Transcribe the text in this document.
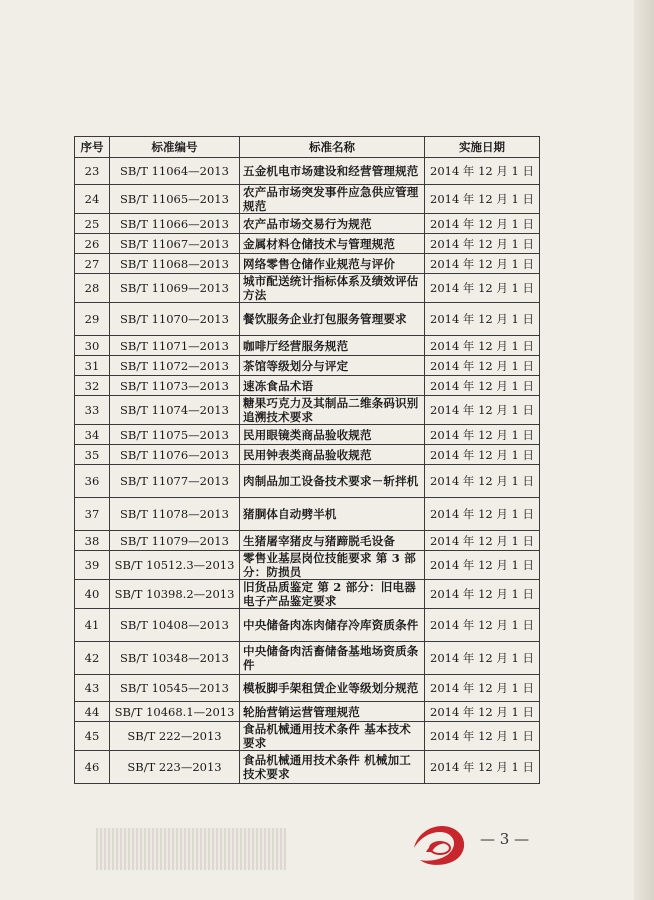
序号	标准编号	标准名称	实施日期
23	SB/T 11064—2013	五金机电市场建设和经营管理规范	2014 年 12 月 1 日
24	SB/T 11065—2013	农产品市场突发事件应急供应管理规范	2014 年 12 月 1 日
25	SB/T 11066—2013	农产品市场交易行为规范	2014 年 12 月 1 日
26	SB/T 11067—2013	金属材料仓储技术与管理规范	2014 年 12 月 1 日
27	SB/T 11068—2013	网络零售仓储作业规范与评价	2014 年 12 月 1 日
28	SB/T 11069—2013	城市配送统计指标体系及绩效评估方法	2014 年 12 月 1 日
29	SB/T 11070—2013	餐饮服务企业打包服务管理要求	2014 年 12 月 1 日
30	SB/T 11071—2013	咖啡厅经营服务规范	2014 年 12 月 1 日
31	SB/T 11072—2013	茶馆等级划分与评定	2014 年 12 月 1 日
32	SB/T 11073—2013	速冻食品术语	2014 年 12 月 1 日
33	SB/T 11074—2013	糖果巧克力及其制品二维条码识别追溯技术要求	2014 年 12 月 1 日
34	SB/T 11075—2013	民用眼镜类商品验收规范	2014 年 12 月 1 日
35	SB/T 11076—2013	民用钟表类商品验收规范	2014 年 12 月 1 日
36	SB/T 11077—2013	肉制品加工设备技术要求－斩拌机	2014 年 12 月 1 日
37	SB/T 11078—2013	猪胴体自动劈半机	2014 年 12 月 1 日
38	SB/T 11079—2013	生猪屠宰猪皮与猪蹄脱毛设备	2014 年 12 月 1 日
39	SB/T 10512.3—2013	零售业基层岗位技能要求 第 3 部分：防损员	2014 年 12 月 1 日
40	SB/T 10398.2—2013	旧货品质鉴定 第 2 部分：旧电器电子产品鉴定要求	2014 年 12 月 1 日
41	SB/T 10408—2013	中央储备肉冻肉储存冷库资质条件	2014 年 12 月 1 日
42	SB/T 10348—2013	中央储备肉活畜储备基地场资质条件	2014 年 12 月 1 日
43	SB/T 10545—2013	模板脚手架租赁企业等级划分规范	2014 年 12 月 1 日
44	SB/T 10468.1—2013	轮胎营销运营管理规范	2014 年 12 月 1 日
45	SB/T 222—2013	食品机械通用技术条件 基本技术要求	2014 年 12 月 1 日
46	SB/T 223—2013	食品机械通用技术条件 机械加工技术要求	2014 年 12 月 1 日
— 3 —
